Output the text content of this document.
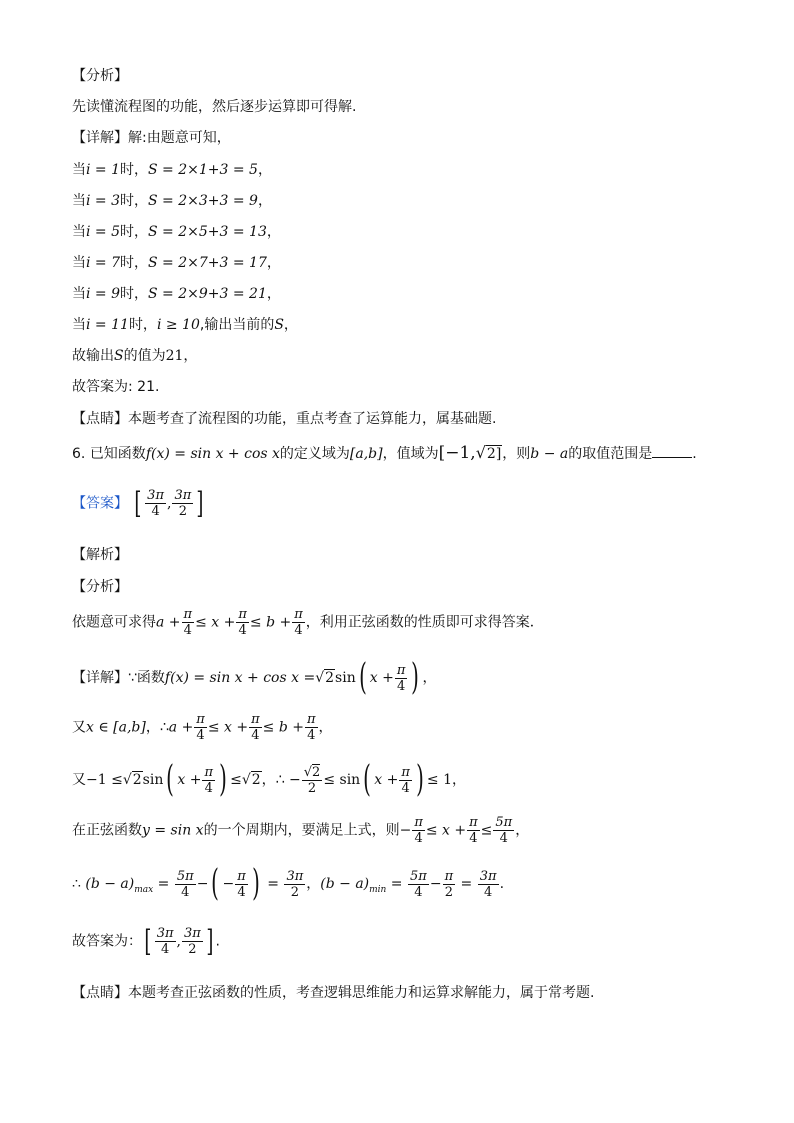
【分析】
先读懂流程图的功能，然后逐步运算即可得解.
【详解】解:由题意可知，
当i = 1时，S = 2×1+3 = 5，
当i = 3时，S = 2×3+3 = 9，
当i = 5时，S = 2×5+3 = 13，
当i = 7时，S = 2×7+3 = 17，
当i = 9时，S = 2×9+3 = 21，
当i = 11时，i ≥ 10,输出当前的S，
故输出S的值为21，
故答案为: 21.
【点睛】本题考查了流程图的功能，重点考查了运算能力，属基础题.
6. 已知函数f(x) = sin x + cos x的定义域为[a,b]，值域为[−1,√2]，则b − a的取值范围是	.
【答案】 [ $\frac{3\pi}{4}$ , $\frac{3\pi}{2}$ ]
【解析】
【分析】
依题意可求得$a + \frac{\pi}{4} \le x + \frac{\pi}{4} \le b + \frac{\pi}{4}$ ，利用正弦函数的性质即可求得答案．
【详解】∵函数f(x) = sin x + cos x =√2sin( $x + \frac{\pi}{4}$ ) ，
又x ∈ [a,b]，∴a + $\frac{\pi}{4} \le x + \frac{\pi}{4} \le b + \frac{\pi}{4}$ ，
又−1 ≤√2sin( $x + \frac{\pi}{4}$ ) ≤√2，∴ − $\frac{√2}{2} \le \sin$( $x + \frac{\pi}{4}$ ) ≤ 1，
在正弦函数y = sin x的一个周期内，要满足上式，则− $\frac{\pi}{4} \le x + \frac{\pi}{4} \le \frac{5\pi}{4}$ ，
∴ $(b - a)_{max} = \frac{5\pi}{4}$ −( − $\frac{\pi}{4}$ ) = $\frac{3\pi}{2}$ ，$(b - a)_{min} = \frac{5\pi}{4} - \frac{\pi}{2} = \frac{3\pi}{4}$ .
故答案为：[ $\frac{3\pi}{4}$ , $\frac{3\pi}{2}$ ] .
【点睛】本题考查正弦函数的性质，考查逻辑思维能力和运算求解能力，属于常考题.
